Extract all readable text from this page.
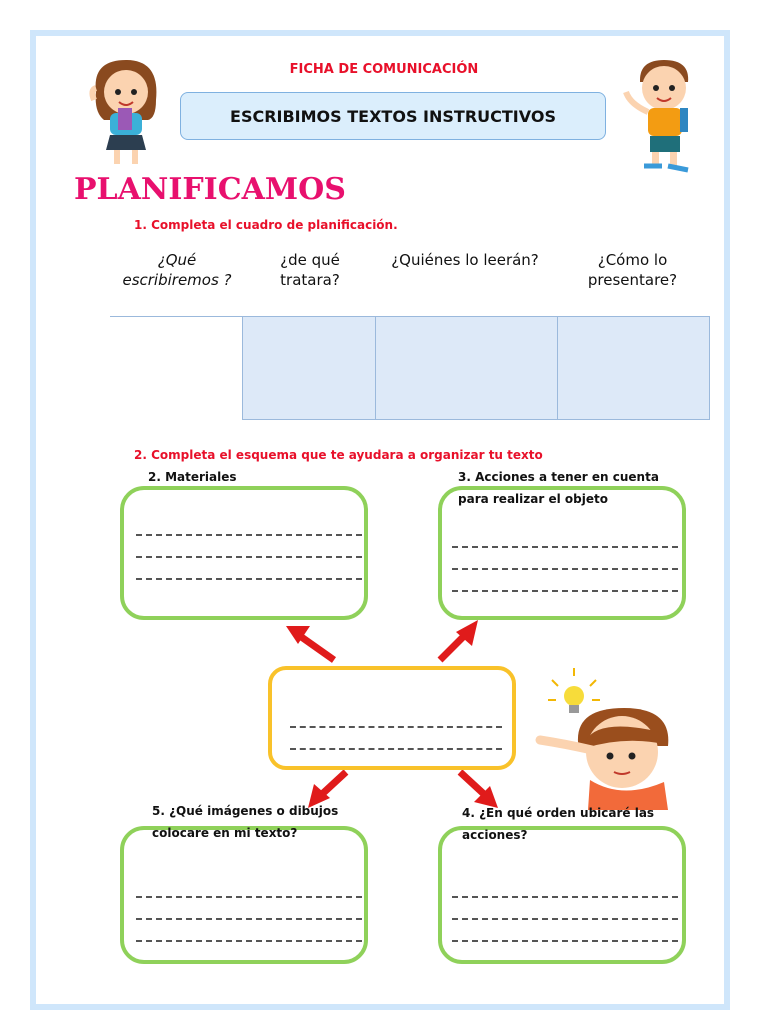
FICHA DE COMUNICACIÓN
ESCRIBIMOS TEXTOS INSTRUCTIVOS
PLANIFICAMOS
1. Completa el cuadro de planificación.
¿Qué escribiremos ?
¿de qué tratara?
¿Quiénes lo leerán?	¿Cómo lo presentare?
2. Completa el esquema que te ayudara a organizar tu texto
2. Materiales	3. Acciones a tener en cuenta para realizar el objeto
5. ¿Qué imágenes o dibujos colocare en mi texto?
4. ¿En qué orden ubicaré las acciones?
